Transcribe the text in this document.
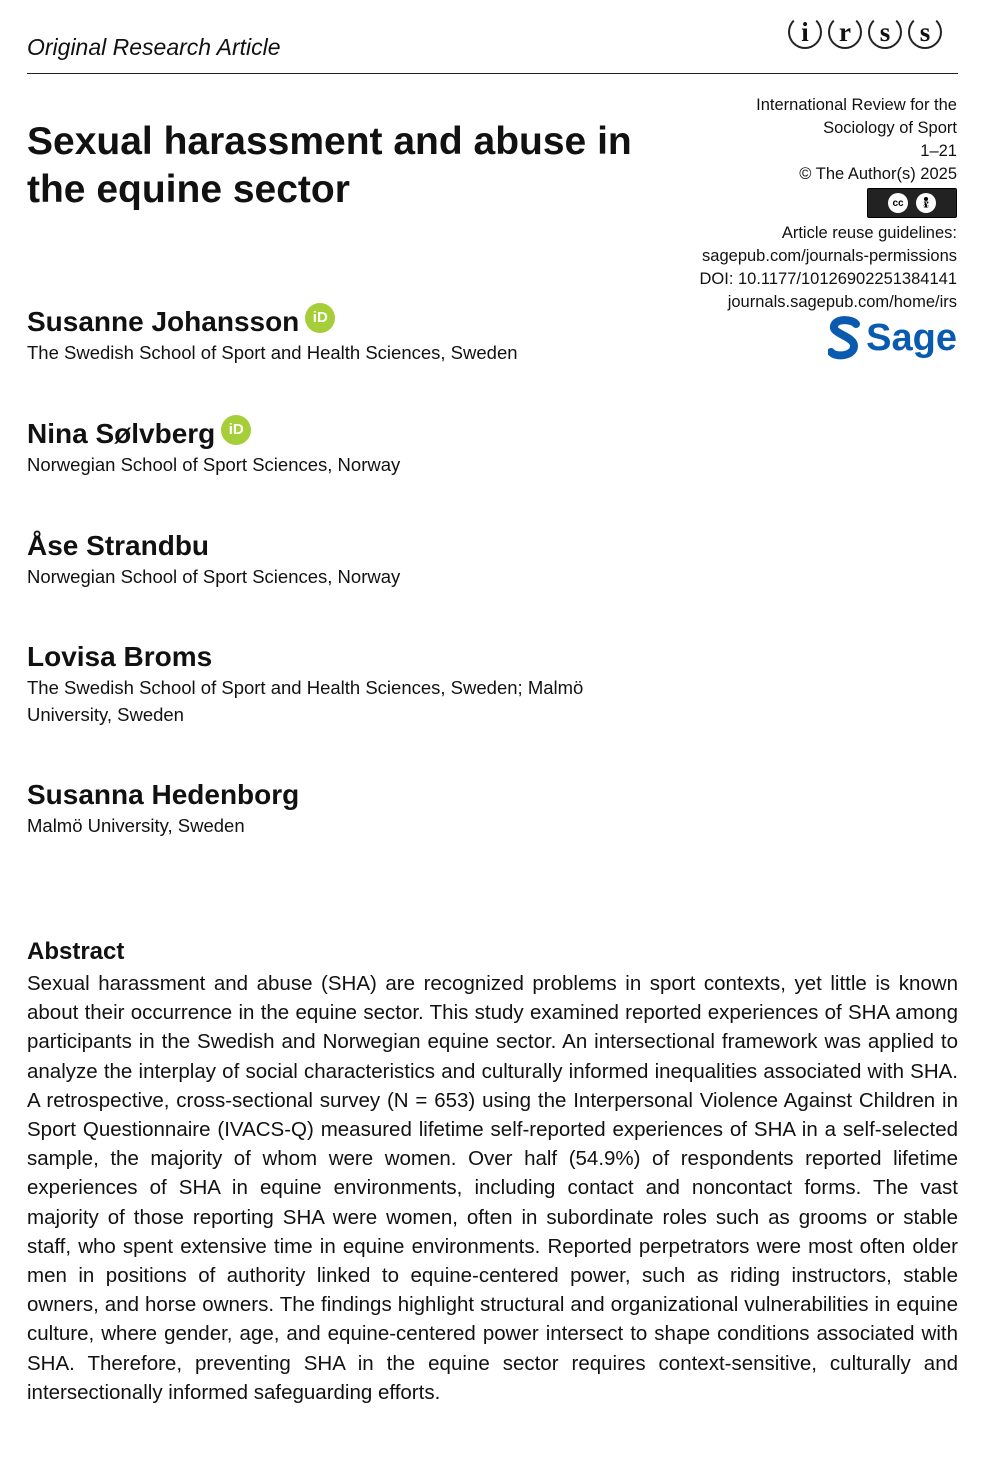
Original Research Article	i	r	s	s
Sexual harassment and abuse in the equine sector
International Review for the
Sociology of Sport
1–21
© The Author(s) 2025
cc	BY
Article reuse guidelines:
sagepub.com/journals-permissions
DOI: 10.1177/10126902251384141
journals.sagepub.com/home/irs
Sage
Susanne Johansson iD
The Swedish School of Sport and Health Sciences, Sweden
Nina Sølvberg iD
Norwegian School of Sport Sciences, Norway
Åse Strandbu
Norwegian School of Sport Sciences, Norway
Lovisa Broms
The Swedish School of Sport and Health Sciences, Sweden; Malmö University, Sweden
Susanna Hedenborg
Malmö University, Sweden
Abstract

Sexual harassment and abuse (SHA) are recognized problems in sport contexts, yet little is known about their occurrence in the equine sector. This study examined reported experiences of SHA among participants in the Swedish and Norwegian equine sector. An intersectional framework was applied to analyze the interplay of social characteristics and culturally informed inequalities associated with SHA. A retrospective, cross-sectional survey (N = 653) using the Interpersonal Violence Against Children in Sport Questionnaire (IVACS-Q) measured lifetime self-reported experiences of SHA in a self-selected sample, the majority of whom were women. Over half (54.9%) of respondents reported lifetime experiences of SHA in equine environments, including contact and noncontact forms. The vast majority of those reporting SHA were women, often in subordinate roles such as grooms or stable staff, who spent extensive time in equine environments. Reported perpetrators were most often older men in positions of authority linked to equine-centered power, such as riding instructors, stable owners, and horse owners. The findings highlight structural and organizational vulnerabilities in equine culture, where gender, age, and equine-centered power intersect to shape conditions associated with SHA. Therefore, preventing SHA in the equine sector requires context-sensitive, culturally and intersectionally informed safeguarding efforts.
